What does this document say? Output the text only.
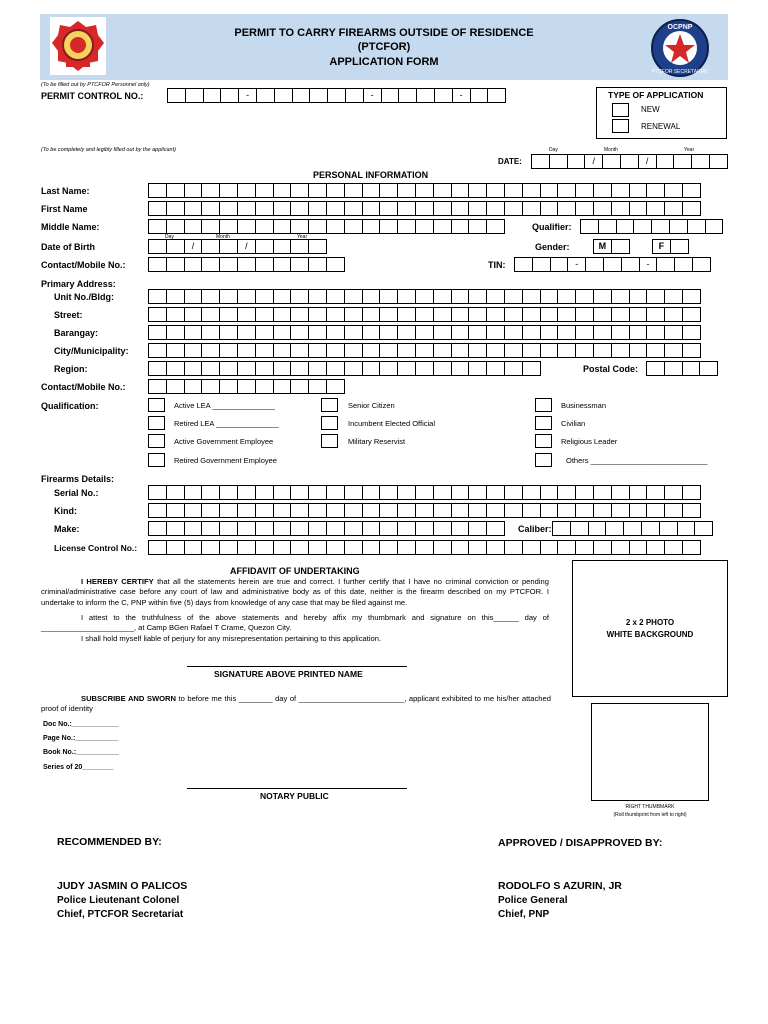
PERMIT TO CARRY FIREARMS OUTSIDE OF RESIDENCE
(PTCFOR)
APPLICATION FORM
OCPNP
PTCFOR SECRETARIAT
(To be filled out by PTCFOR Personnel only)
PERMIT CONTROL NO.:	-	-	-	TYPE OF APPLICATION
NEW
RENEWAL
(To be completely and legibly filled out by the applicant)	Day	Month	Year
DATE:	/	/
PERSONAL INFORMATION
Last Name:
First Name
Middle Name:	Qualifier:
Day	Month	Year
Date of Birth	/	/	Gender:	M	F
Contact/Mobile No.:	TIN:	-	-
Primary Address:
Unit No./Bldg:
Street:
Barangay:
City/Municipality:
Region:	Postal Code:
Contact/Mobile No.:
Qualification:	Active LEA _______________
Retired LEA _______________
Active Government Employee
Retired Government Employee
Senior Citizen
Incumbent Elected Official
Military Reservist
Businessman
Civilian
Religious Leader
Others ____________________________
Firearms Details:
Serial No.:
Kind:
Make:	Caliber:
License Control No.:
AFFIDAVIT OF UNDERTAKING
I HEREBY CERTIFY that all the statements herein are true and correct. I further certify that I have no criminal conviction or pending criminal/administrative case before any court of law and administrative body as of this date, neither is the firearm described on my PTCFOR. I undertake to inform the C, PNP within five (5) days from knowledge of any case that may be filed against me.
I attest to the truthfulness of the above statements and hereby affix my thumbmark and signature on this______ day of ______________________, at Camp BGen Rafael T Crame, Quezon City.
I shall hold myself liable of perjury for any misrepresentation pertaining to this application.
SIGNATURE ABOVE PRINTED NAME
SUBSCRIBE AND SWORN to before me this ________ day of _________________________, applicant exhibited to me his/her attached proof of identity
Doc No.:____________
Page No.:___________
Book No.:___________
Series of 20________
NOTARY PUBLIC
2 x 2 PHOTO
WHITE BACKGROUND
RIGHT THUMBMARK
(Roll thumbprint from left to right)
RECOMMENDED BY:
JUDY JASMIN O PALICOS
Police Lieutenant Colonel
Chief, PTCFOR Secretariat
APPROVED / DISAPPROVED BY:
RODOLFO S AZURIN, JR
Police General
Chief, PNP
